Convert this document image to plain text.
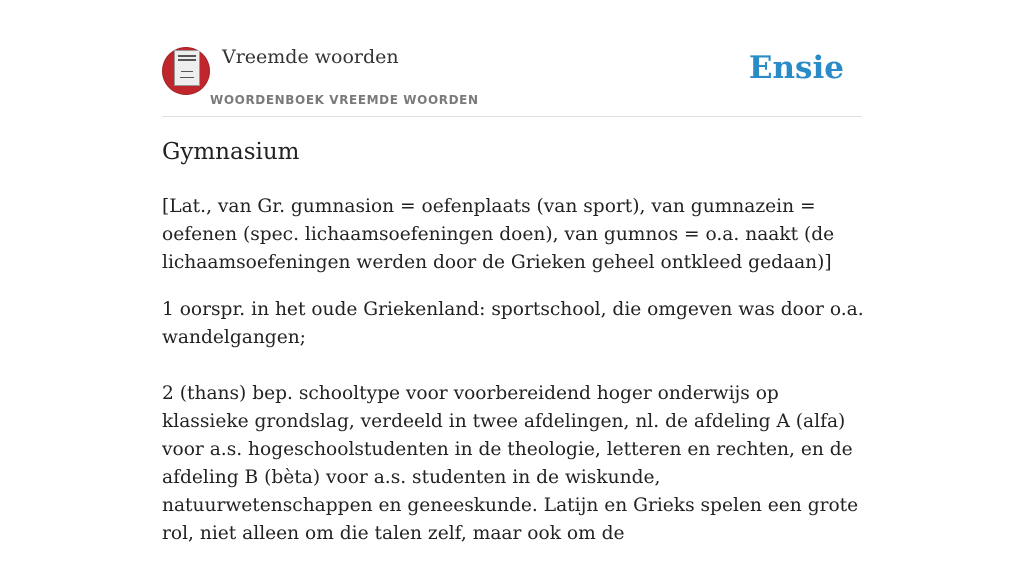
Vreemde woorden
WOORDENBOEK VREEMDE WOORDEN
Ensie
Gymnasium

[Lat., van Gr. gumnasion = oefenplaats (van sport), van gumnazein = oefenen (spec. lichaamsoefeningen doen), van gumnos = o.a. naakt (de lichaamsoefeningen werden door de Grieken geheel ontkleed gedaan)]

1 oorspr. in het oude Griekenland: sportschool, die omgeven was door o.a. wandelgangen;

2 (thans) bep. schooltype voor voorbereidend hoger onderwijs op klassieke grondslag, verdeeld in twee afdelingen, nl. de afdeling A (alfa) voor a.s. hogeschoolstudenten in de theologie, letteren en rechten, en de afdeling B (bèta) voor a.s. studenten in de wiskunde, natuurwetenschappen en geneeskunde. Latijn en Grieks spelen een grote rol, niet alleen om die talen zelf, maar ook om de
